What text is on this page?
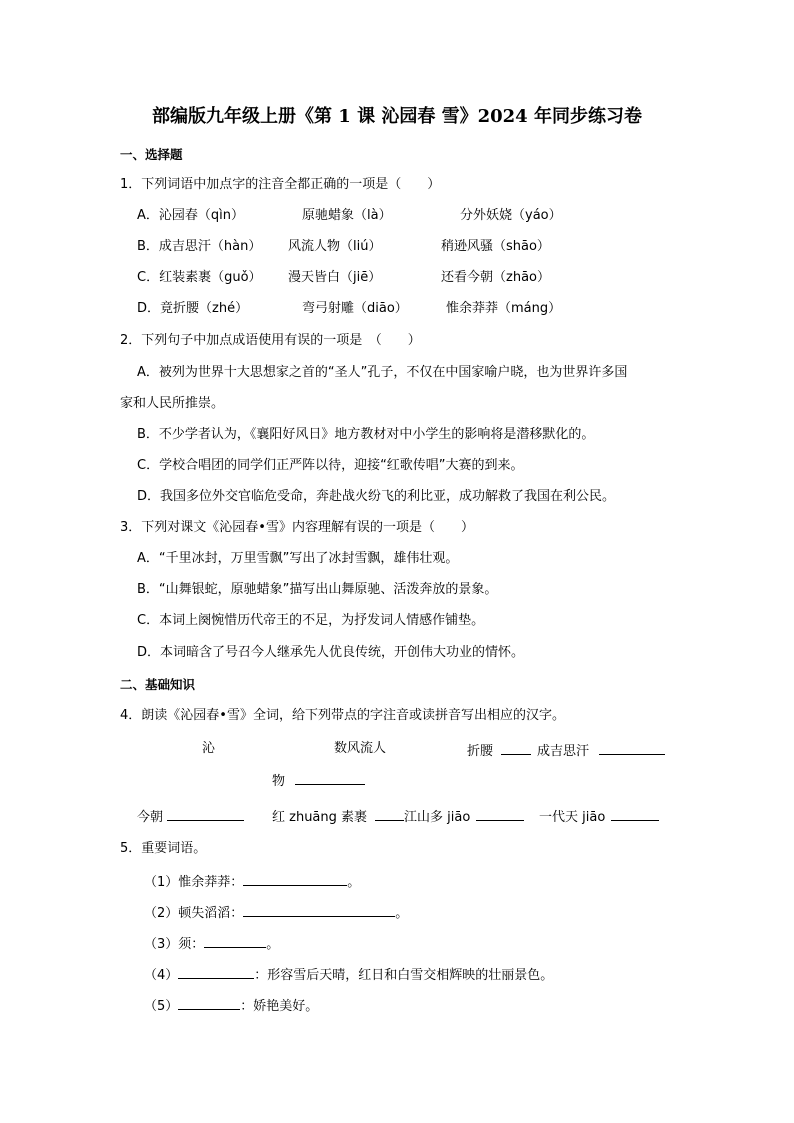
部编版九年级上册《第 1 课 沁园春 雪》2024 年同步练习卷
一、选择题
1．下列词语中加点字的注音全都正确的一项是（　　）
A．沁园春（qìn）	原驰蜡象（là）	分外妖娆（yáo）
B．成吉思汗（hàn） 风流人物（liú）	稍逊风骚（shāo）
C．红装素裹（guǒ） 漫天皆白（jiē）	还看今朝（zhāo）
D．竟折腰（zhé）	弯弓射雕（diāo）	惟余莽莽（máng）
2．下列句子中加点成语使用有误的一项是　（　　）
A．被列为世界十大思想家之首的“圣人”孔子，不仅在中国家喻户晓，也为世界许多国
家和人民所推崇。
B．不少学者认为，《襄阳好风日》地方教材对中小学生的影响将是潜移默化的。
C．学校合唱团的同学们正严阵以待，迎接“红歌传唱”大赛的到来。
D．我国多位外交官临危受命，奔赴战火纷飞的利比亚，成功解救了我国在利公民。
3．下列对课文《沁园春•雪》内容理解有误的一项是（　　）
A．“千里冰封，万里雪飘”写出了冰封雪飘，雄伟壮观。
B．“山舞银蛇，原驰蜡象”描写出山舞原驰、活泼奔放的景象。
C．本词上阕惋惜历代帝王的不足，为抒发词人情感作铺垫。
D．本词暗含了号召今人继承先人优良传统，开创伟大功业的情怀。
二、基础知识
4．朗读《沁园春•雪》全词，给下列带点的字注音或读拼音写出相应的汉字。
沁	数风流人	折腰	成吉思汗
物
今朝	红 zhuāng 素裹	江山多 jiāo	一代天 jiāo
5．重要词语。
（1）惟余莽莽：	。
（2）顿失滔滔：	。
（3）须：	。
（4）	：形容雪后天晴，红日和白雪交相辉映的壮丽景色。
（5）	：娇艳美好。
